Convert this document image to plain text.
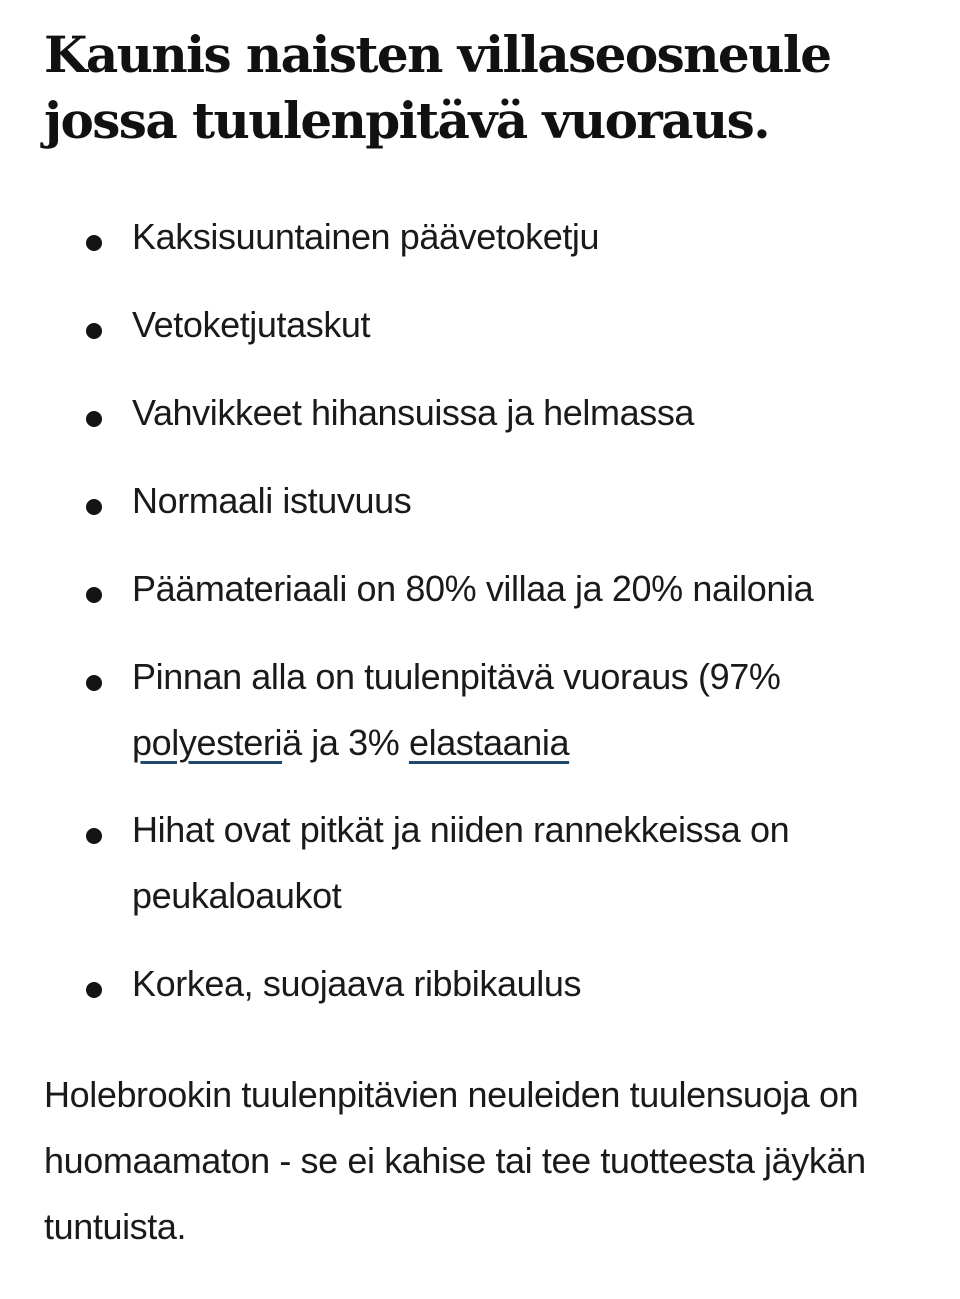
Kaunis naisten villaseosneule jossa tuulenpitävä vuoraus.
Kaksisuuntainen päävetoketju
Vetoketjutaskut
Vahvikkeet hihansuissa ja helmassa
Normaali istuvuus
Päämateriaali on 80% villaa ja 20% nailonia
Pinnan alla on tuulenpitävä vuoraus (97%
polyesteriä ja 3% elastaania
Hihat ovat pitkät ja niiden rannekkeissa on
peukaloaukot
Korkea, suojaava ribbikaulus

Holebrookin tuulenpitävien neuleiden tuulensuoja on huomaamaton - se ei kahise tai tee tuotteesta jäykän tuntuista.
